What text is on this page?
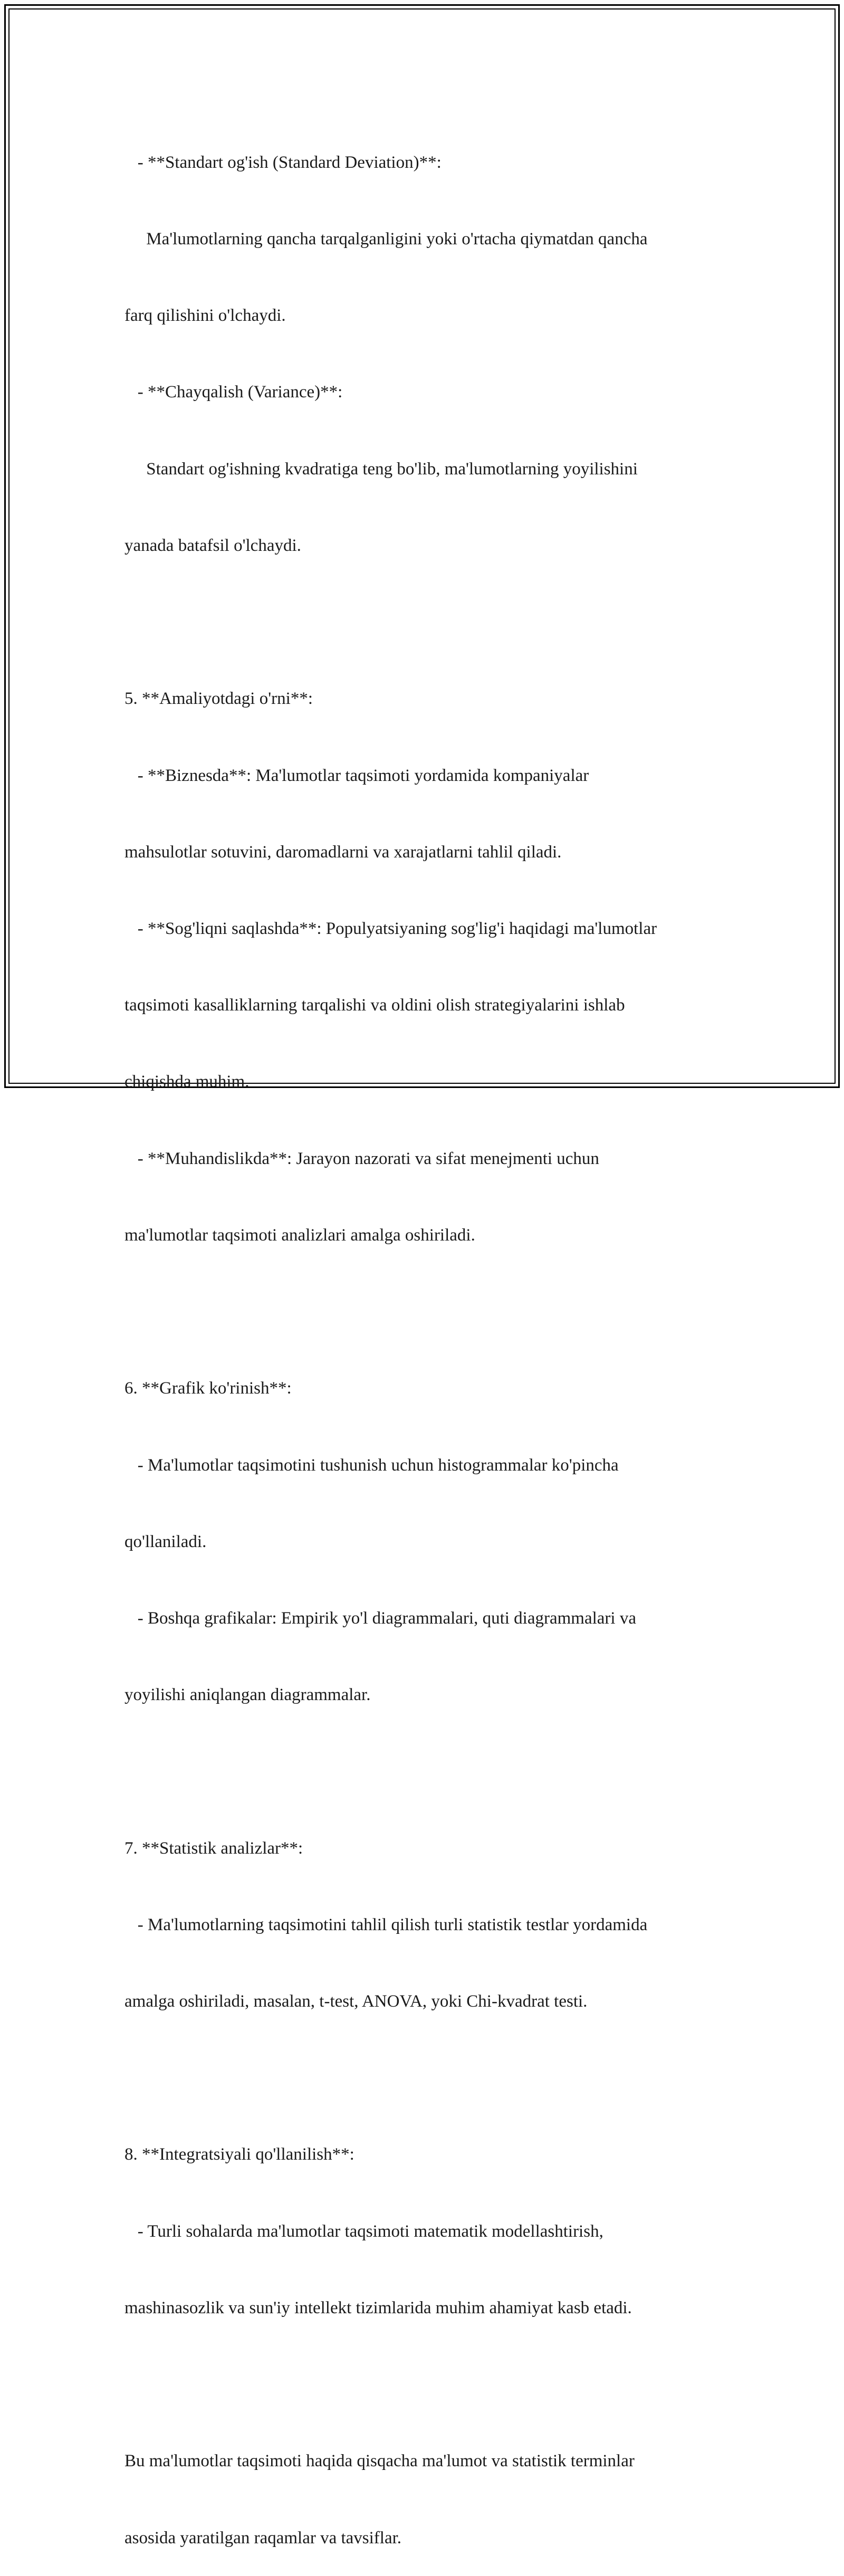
- **Standart og'ish (Standard Deviation)**:

Ma'lumotlarning qancha tarqalganligini yoki o'rtacha qiymatdan qancha

farq qilishini o'lchaydi.

- **Chayqalish (Variance)**:

Standart og'ishning kvadratiga teng bo'lib, ma'lumotlarning yoyilishini

yanada batafsil o'lchaydi.

5. **Amaliyotdagi o'rni**:

- **Biznesda**: Ma'lumotlar taqsimoti yordamida kompaniyalar

mahsulotlar sotuvini, daromadlarni va xarajatlarni tahlil qiladi.

- **Sog'liqni saqlashda**: Populyatsiyaning sog'lig'i haqidagi ma'lumotlar

taqsimoti kasalliklarning tarqalishi va oldini olish strategiyalarini ishlab

chiqishda muhim.

- **Muhandislikda**: Jarayon nazorati va sifat menejmenti uchun

ma'lumotlar taqsimoti analizlari amalga oshiriladi.

6. **Grafik ko'rinish**:

- Ma'lumotlar taqsimotini tushunish uchun histogrammalar ko'pincha

qo'llaniladi.

- Boshqa grafikalar: Empirik yo'l diagrammalari, quti diagrammalari va

yoyilishi aniqlangan diagrammalar.

7. **Statistik analizlar**:

- Ma'lumotlarning taqsimotini tahlil qilish turli statistik testlar yordamida

amalga oshiriladi, masalan, t-test, ANOVA, yoki Chi-kvadrat testi.

8. **Integratsiyali qo'llanilish**:

- Turli sohalarda ma'lumotlar taqsimoti matematik modellashtirish,

mashinasozlik va sun'iy intellekt tizimlarida muhim ahamiyat kasb etadi.

Bu ma'lumotlar taqsimoti haqida qisqacha ma'lumot va statistik terminlar

asosida yaratilgan raqamlar va tavsiflar.
